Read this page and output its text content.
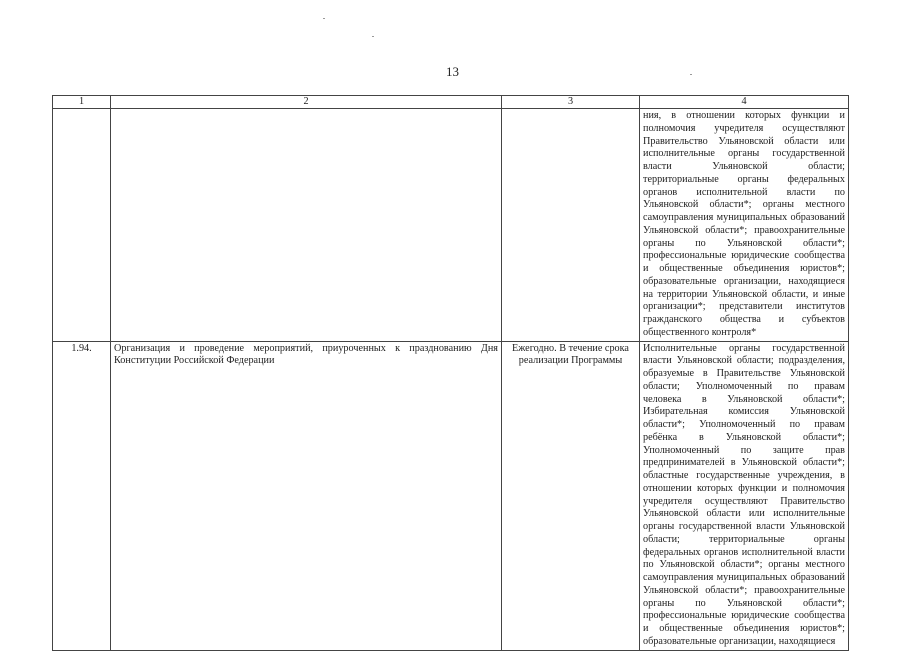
13
1	2	3	4
			ния, в отношении которых функции и полномочия учредителя осуществляют Правительство Ульяновской области или исполнительные органы государственной власти Ульяновской области; территориальные органы федеральных органов исполнительной власти по Ульяновской области*; органы местного самоуправления муниципальных образований Ульяновской области*; правоохранительные органы по Ульяновской области*; профессиональные юридические сообщества и общественные объединения юристов*; образовательные организации, находящиеся на территории Ульяновской области, и иные организации*; представители институтов гражданского общества и субъектов общественного контроля*
1.94.	Организация и проведение мероприятий, приуроченных к празднованию Дня Конституции Российской Федерации	Ежегодно. В течение срока реализации Программы	Исполнительные органы государственной власти Ульяновской области; подразделения, образуемые в Правительстве Ульяновской области; Уполномоченный по правам человека в Ульяновской области*; Избирательная комиссия Ульяновской области*; Уполномоченный по правам ребёнка в Ульяновской области*; Уполномоченный по защите прав предпринимателей в Ульяновской области*; областные государственные учреждения, в отношении которых функции и полномочия учредителя осуществляют Правительство Ульяновской области или исполнительные органы государственной власти Ульяновской области; территориальные органы федеральных органов исполнительной власти по Ульяновской области*; органы местного самоуправления муниципальных образований Ульяновской области*; правоохранительные органы по Ульяновской области*; профессиональные юридические сообщества и общественные объединения юристов*; образовательные организации, находящиеся
